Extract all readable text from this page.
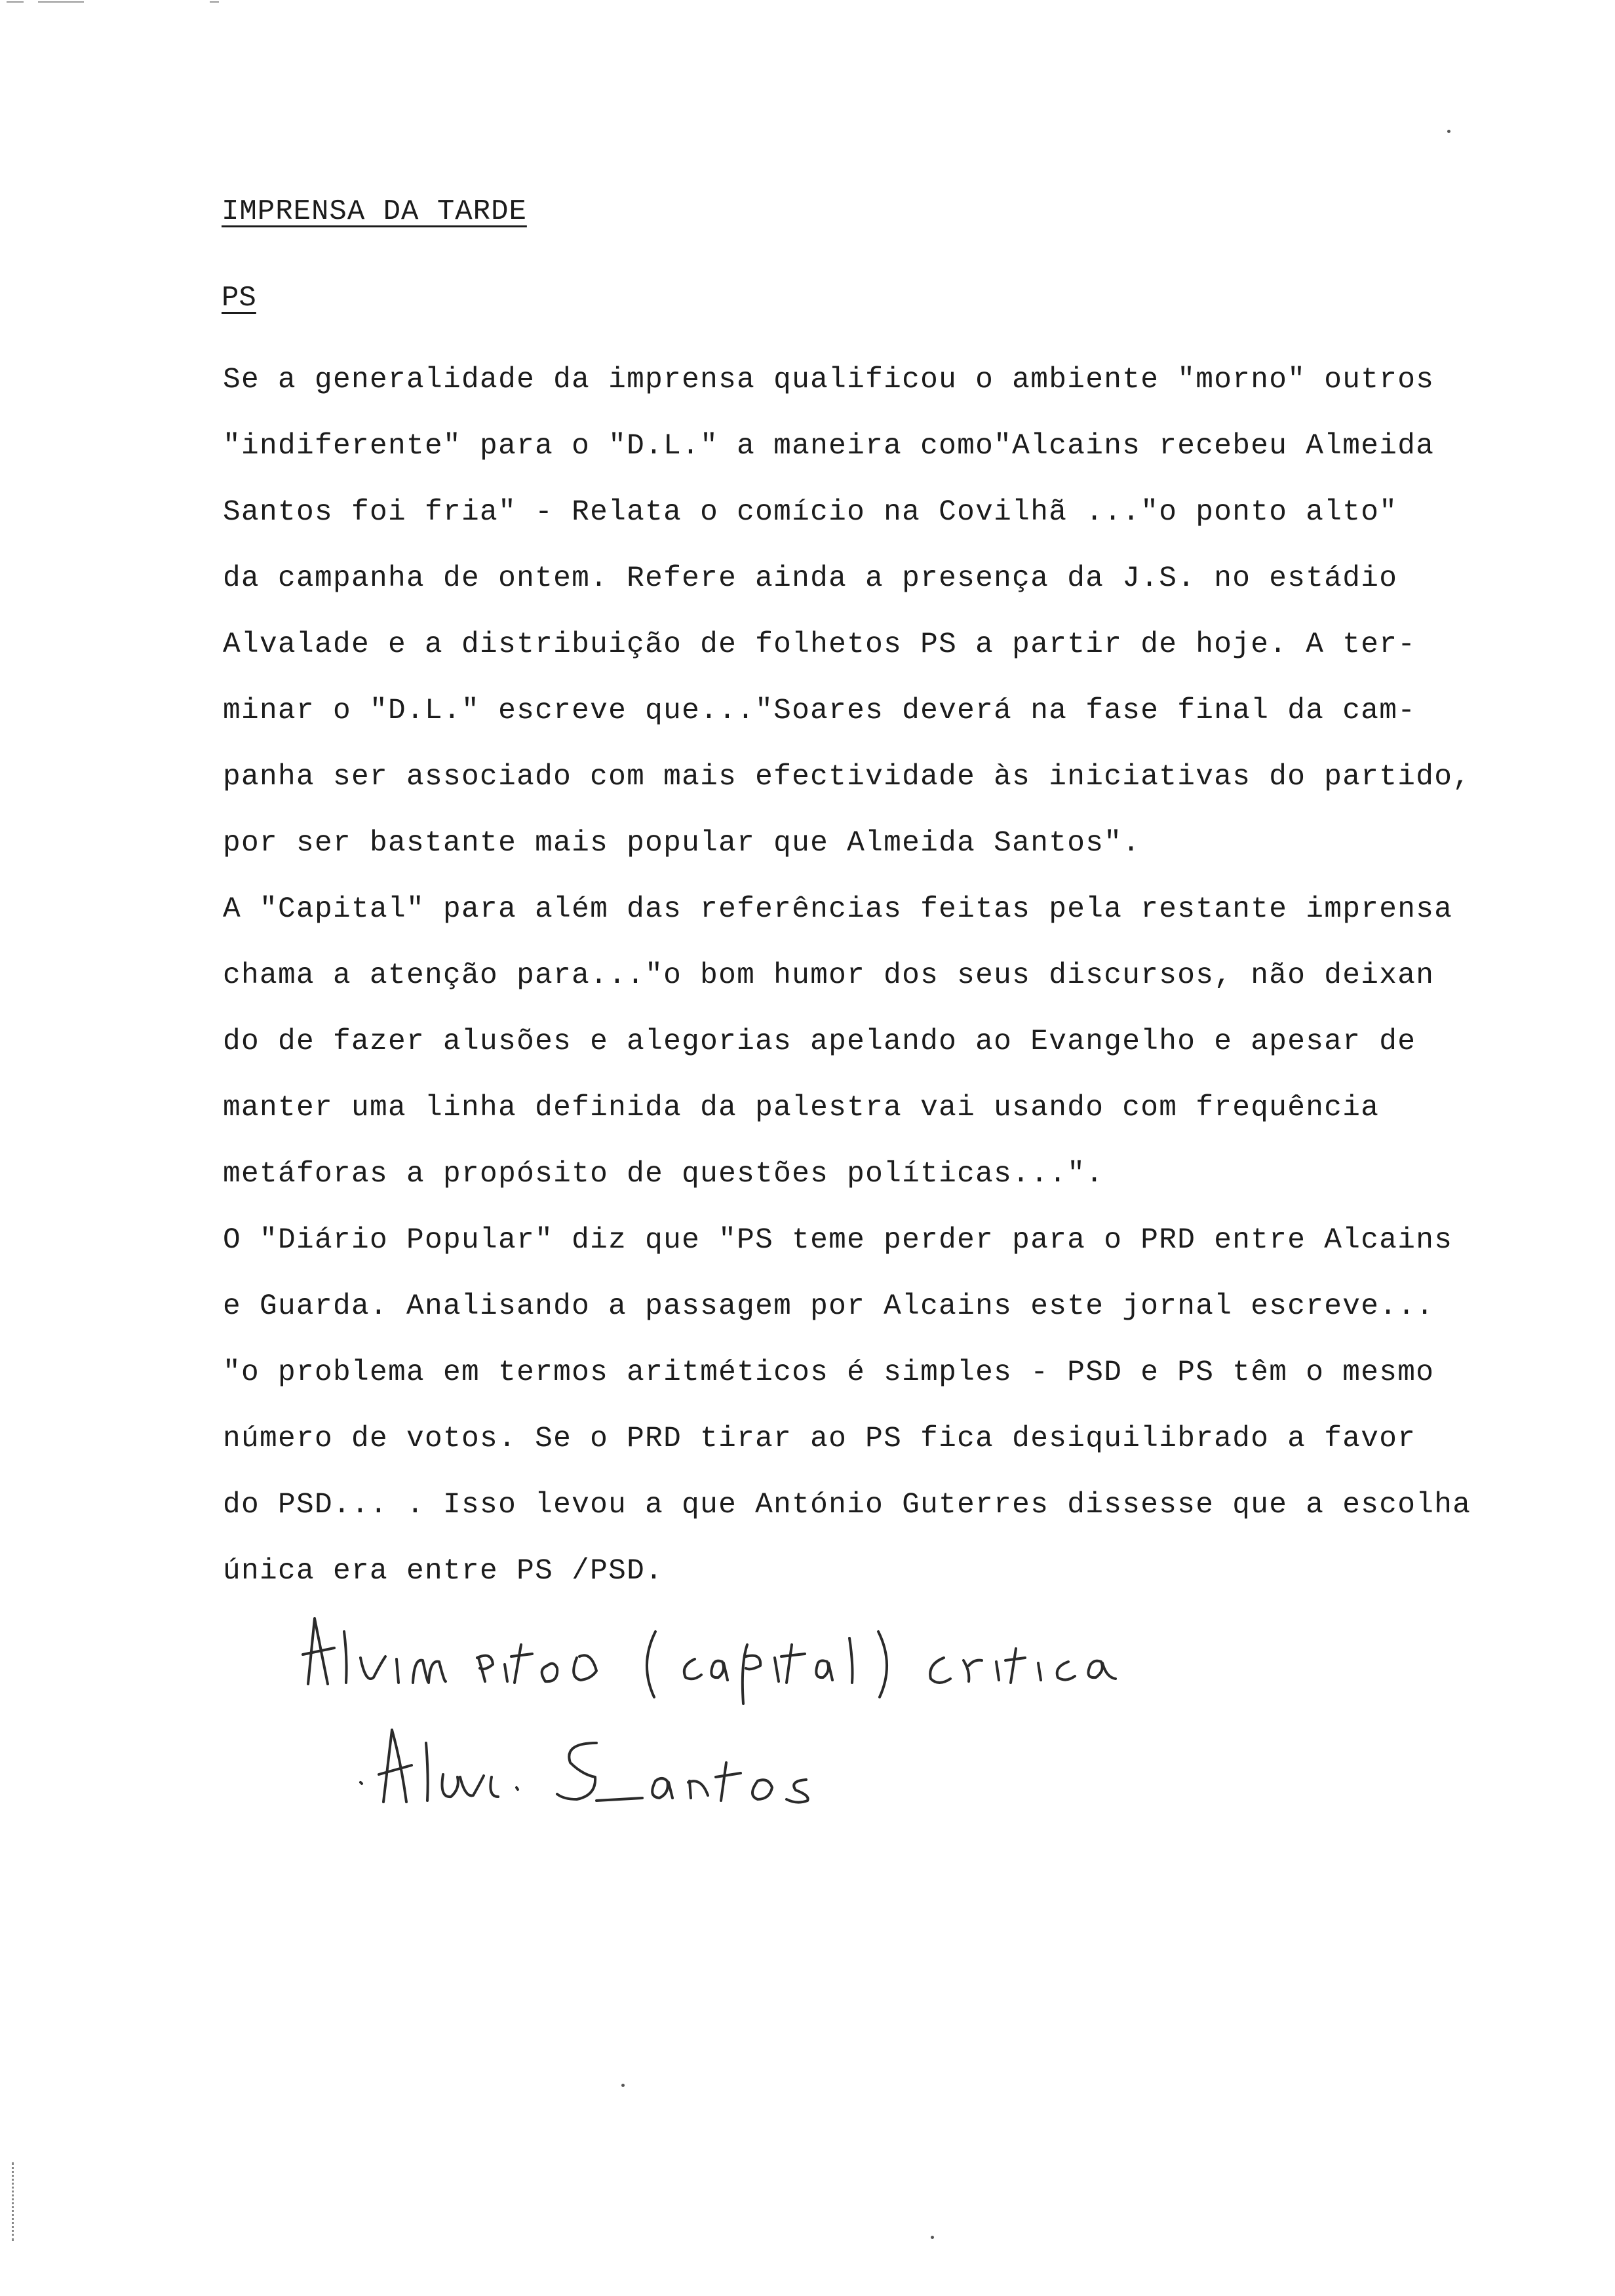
IMPRENSA DA TARDE
PS
Se a generalidade da imprensa qualificou o ambiente "morno" outros
"indiferente" para o "D.L." a maneira como"Alcains recebeu Almeida
Santos foi fria" - Relata o comício na Covilhã ..."o ponto alto"
da campanha de ontem. Refere ainda a presença da J.S. no estádio
Alvalade e a distribuição de folhetos PS a partir de hoje. A ter-
minar o "D.L." escreve que..."Soares deverá na fase final da cam-
panha ser associado com mais efectividade às iniciativas do partido,
por ser bastante mais popular que Almeida Santos".
A "Capital" para além das referências feitas pela restante imprensa
chama a atenção para..."o bom humor dos seus discursos, não deixan
do de fazer alusões e alegorias apelando ao Evangelho e apesar de
manter uma linha definida da palestra vai usando com frequência
metáforas a propósito de questões políticas...".
O "Diário Popular" diz que "PS teme perder para o PRD entre Alcains
e Guarda. Analisando a passagem por Alcains este jornal escreve...
"o problema em termos aritméticos é simples - PSD e PS têm o mesmo
número de votos. Se o PRD tirar ao PS fica desiquilibrado a favor
do PSD... . Isso levou a que António Guterres dissesse que a escolha
única era entre PS /PSD.
